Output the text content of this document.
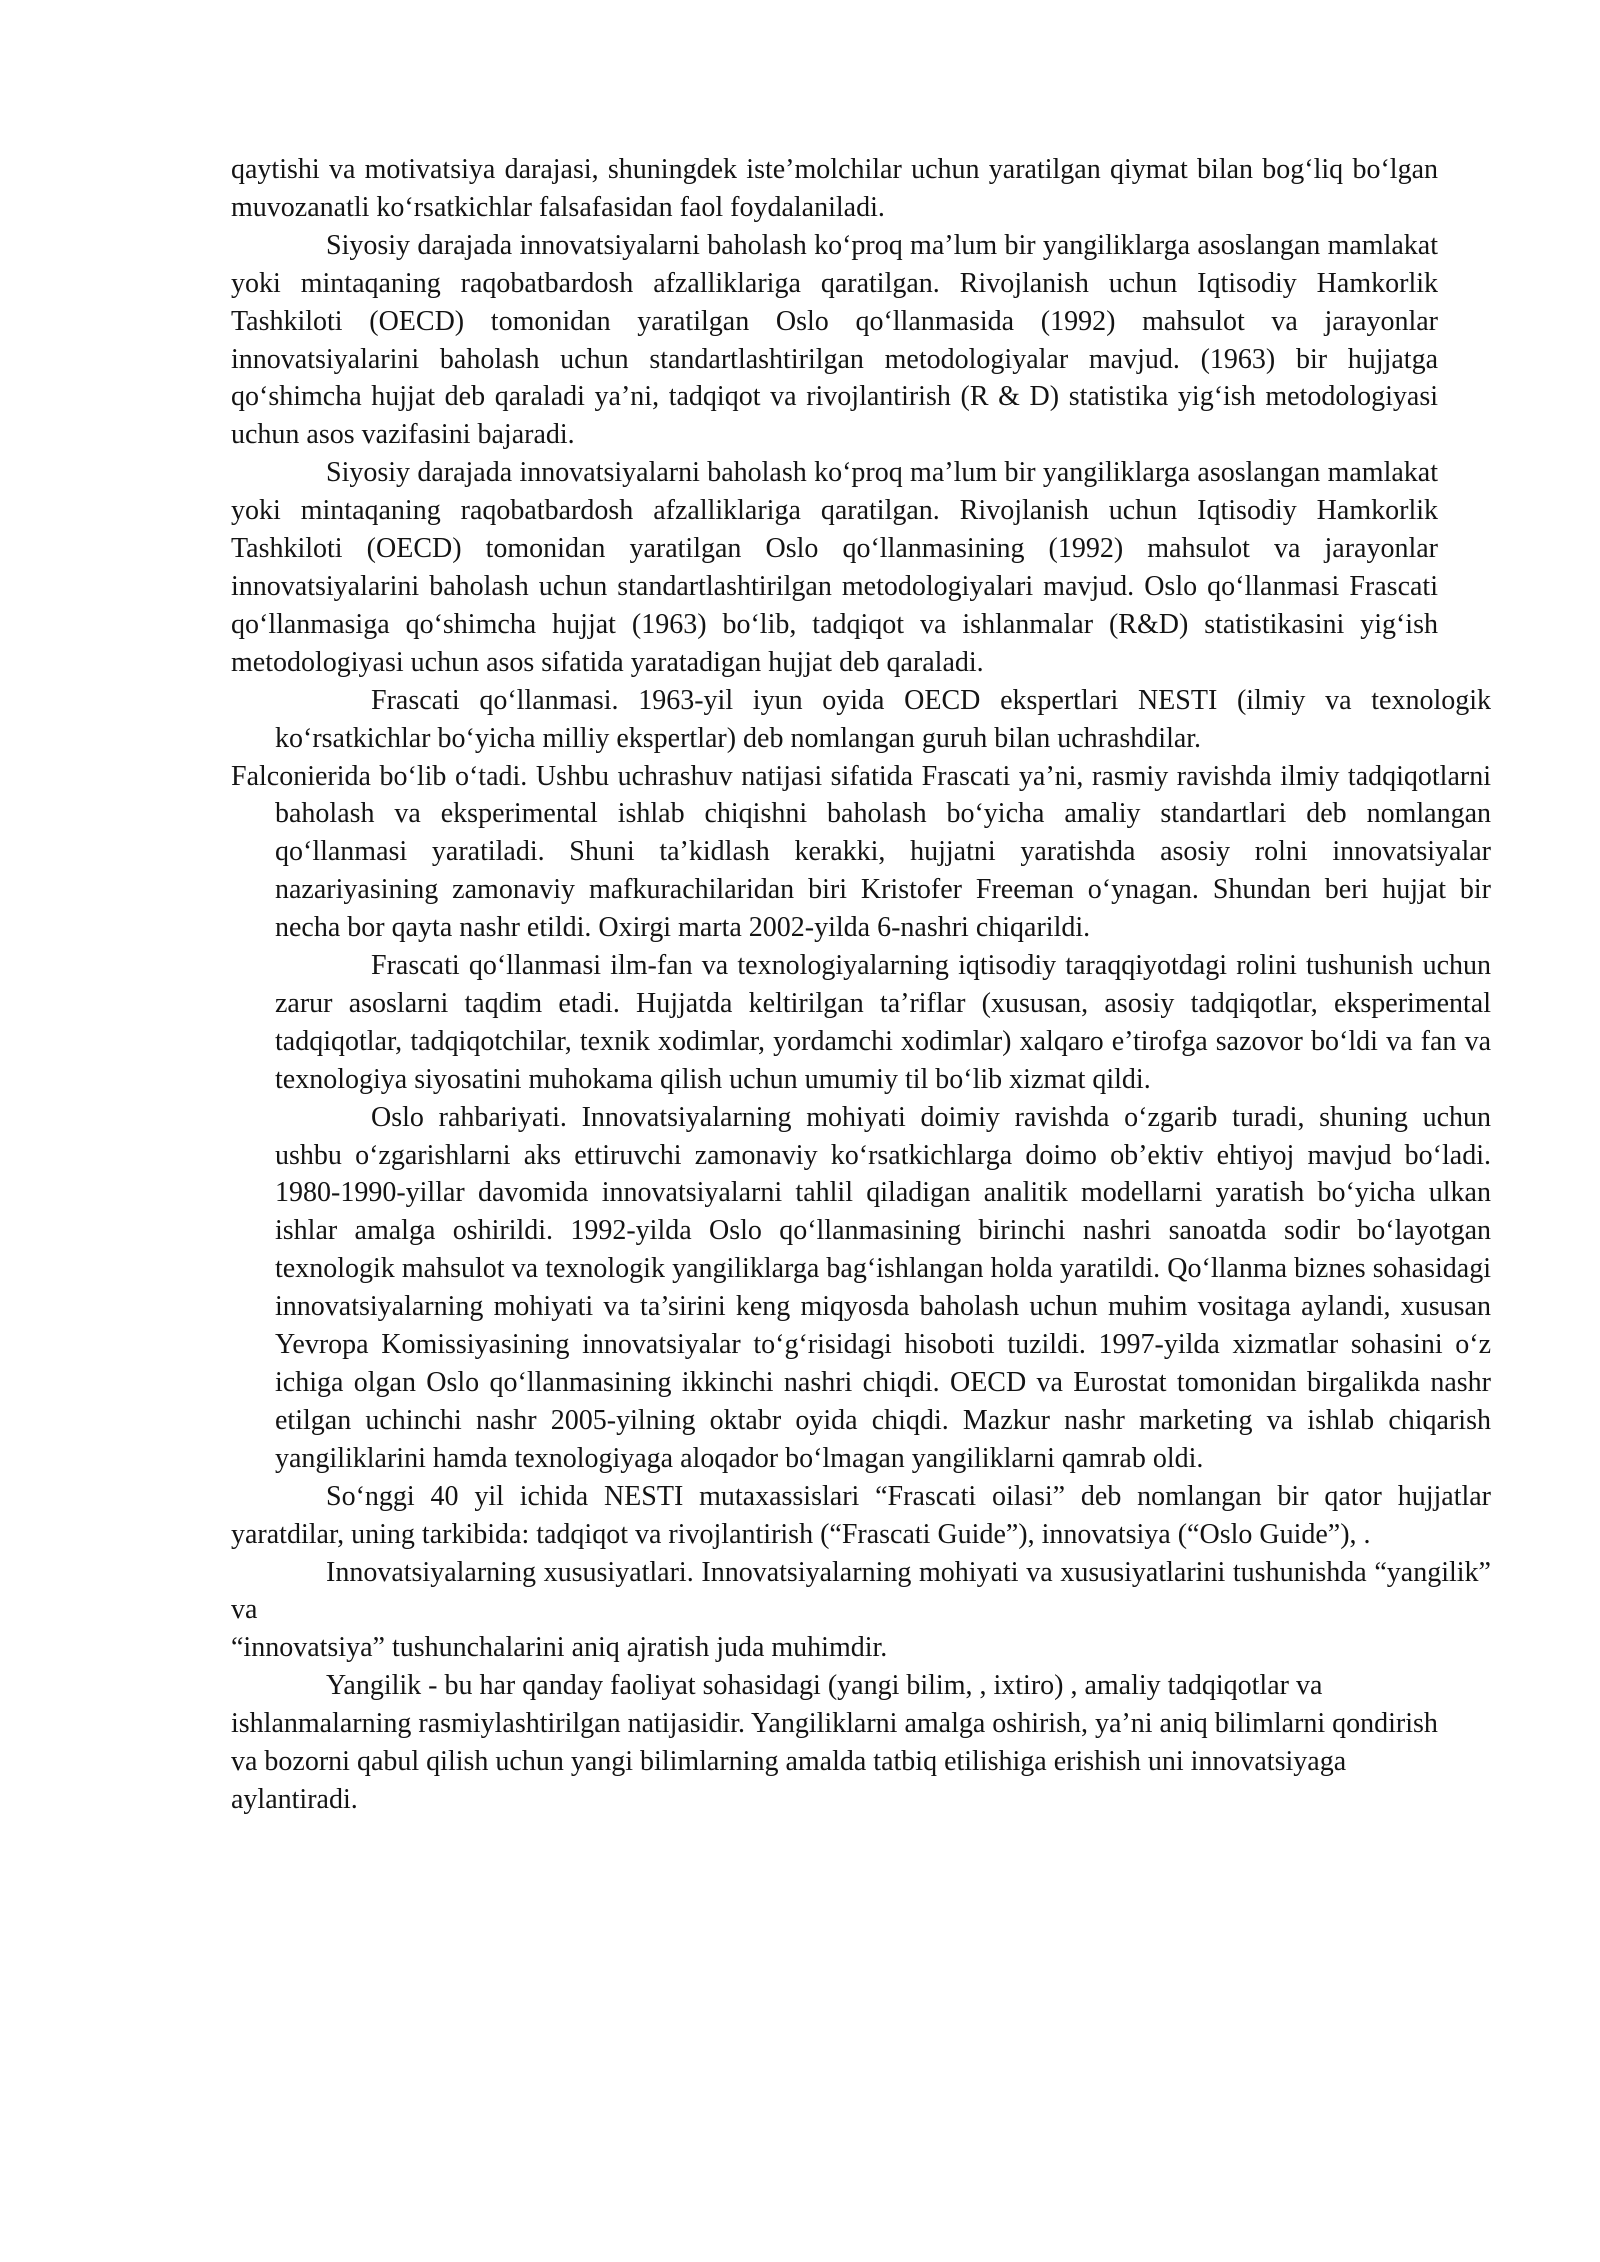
qaytishi va motivatsiya darajasi, shuningdek iste’molchilar uchun yaratilgan qiymat bilan bog‘liq bo‘lgan muvozanatli ko‘rsatkichlar falsafasidan faol foydalaniladi.

Siyosiy darajada innovatsiyalarni baholash ko‘proq ma’lum bir yangiliklarga asoslangan mamlakat yoki mintaqaning raqobatbardosh afzalliklariga qaratilgan. Rivojlanish uchun Iqtisodiy Hamkorlik Tashkiloti (OECD) tomonidan yaratilgan Oslo qo‘llanmasida (1992) mahsulot va jarayonlar innovatsiyalarini baholash uchun standartlashtirilgan metodologiyalar mavjud. (1963) bir hujjatga qo‘shimcha hujjat deb qaraladi ya’ni, tadqiqot va rivojlantirish (R & D) statistika yig‘ish metodologiyasi uchun asos vazifasini bajaradi.

Siyosiy darajada innovatsiyalarni baholash ko‘proq ma’lum bir yangiliklarga asoslangan mamlakat yoki mintaqaning raqobatbardosh afzalliklariga qaratilgan. Rivojlanish uchun Iqtisodiy Hamkorlik Tashkiloti (OECD) tomonidan yaratilgan Oslo qo‘llanmasining (1992) mahsulot va jarayonlar innovatsiyalarini baholash uchun standartlashtirilgan metodologiyalari mavjud. Oslo qo‘llanmasi Frascati qo‘llanmasiga qo‘shimcha hujjat (1963) bo‘lib, tadqiqot va ishlanmalar (R&D) statistikasini yig‘ish metodologiyasi uchun asos sifatida yaratadigan hujjat deb qaraladi.

Frascati qo‘llanmasi. 1963-yil iyun oyida OECD ekspertlari NESTI (ilmiy va texnologik ko‘rsatkichlar bo‘yicha milliy ekspertlar) deb nomlangan guruh bilan uchrashdilar.

Falconierida bo‘lib o‘tadi. Ushbu uchrashuv natijasi sifatida Frascati ya’ni, rasmiy ravishda ilmiy tadqiqotlarni baholash va eksperimental ishlab chiqishni baholash bo‘yicha amaliy standartlari deb nomlangan qo‘llanmasi yaratiladi. Shuni ta’kidlash kerakki, hujjatni yaratishda asosiy rolni innovatsiyalar nazariyasining zamonaviy mafkurachilaridan biri Kristofer Freeman o‘ynagan. Shundan beri hujjat bir necha bor qayta nashr etildi. Oxirgi marta 2002-yilda 6-nashri chiqarildi.

Frascati qo‘llanmasi ilm-fan va texnologiyalarning iqtisodiy taraqqiyotdagi rolini tushunish uchun zarur asoslarni taqdim etadi. Hujjatda keltirilgan ta’riflar (xususan, asosiy tadqiqotlar, eksperimental tadqiqotlar, tadqiqotchilar, texnik xodimlar, yordamchi xodimlar) xalqaro e’tirofga sazovor bo‘ldi va fan va texnologiya siyosatini muhokama qilish uchun umumiy til bo‘lib xizmat qildi.

Oslo rahbariyati. Innovatsiyalarning mohiyati doimiy ravishda o‘zgarib turadi, shuning uchun ushbu o‘zgarishlarni aks ettiruvchi zamonaviy ko‘rsatkichlarga doimo ob’ektiv ehtiyoj mavjud bo‘ladi. 1980-1990-yillar davomida innovatsiyalarni tahlil qiladigan analitik modellarni yaratish bo‘yicha ulkan ishlar amalga oshirildi. 1992-yilda Oslo qo‘llanmasining birinchi nashri sanoatda sodir bo‘layotgan texnologik mahsulot va texnologik yangiliklarga bag‘ishlangan holda yaratildi. Qo‘llanma biznes sohasidagi innovatsiyalarning mohiyati va ta’sirini keng miqyosda baholash uchun muhim vositaga aylandi, xususan Yevropa Komissiyasining innovatsiyalar to‘g‘risidagi hisoboti tuzildi. 1997-yilda xizmatlar sohasini o‘z ichiga olgan Oslo qo‘llanmasining ikkinchi nashri chiqdi. OECD va Eurostat tomonidan birgalikda nashr etilgan uchinchi nashr 2005-yilning oktabr oyida chiqdi. Mazkur nashr marketing va ishlab chiqarish yangiliklarini hamda texnologiyaga aloqador bo‘lmagan yangiliklarni qamrab oldi.

So‘nggi 40 yil ichida NESTI mutaxassislari “Frascati oilasi” deb nomlangan bir qator hujjatlar yaratdilar, uning tarkibida: tadqiqot va rivojlantirish (“Frascati Guide”), innovatsiya (“Oslo Guide”), .

Innovatsiyalarning xususiyatlari. Innovatsiyalarning mohiyati va xususiyatlarini tushunishda “yangilik” va

“innovatsiya” tushunchalarini aniq ajratish juda muhimdir.

Yangilik - bu har qanday faoliyat sohasidagi (yangi bilim, , ixtiro) , amaliy tadqiqotlar va ishlanmalarning rasmiylashtirilgan natijasidir. Yangiliklarni amalga oshirish, ya’ni aniq bilimlarni qondirish va bozorni qabul qilish uchun yangi bilimlarning amalda tatbiq etilishiga erishish uni innovatsiyaga aylantiradi.
